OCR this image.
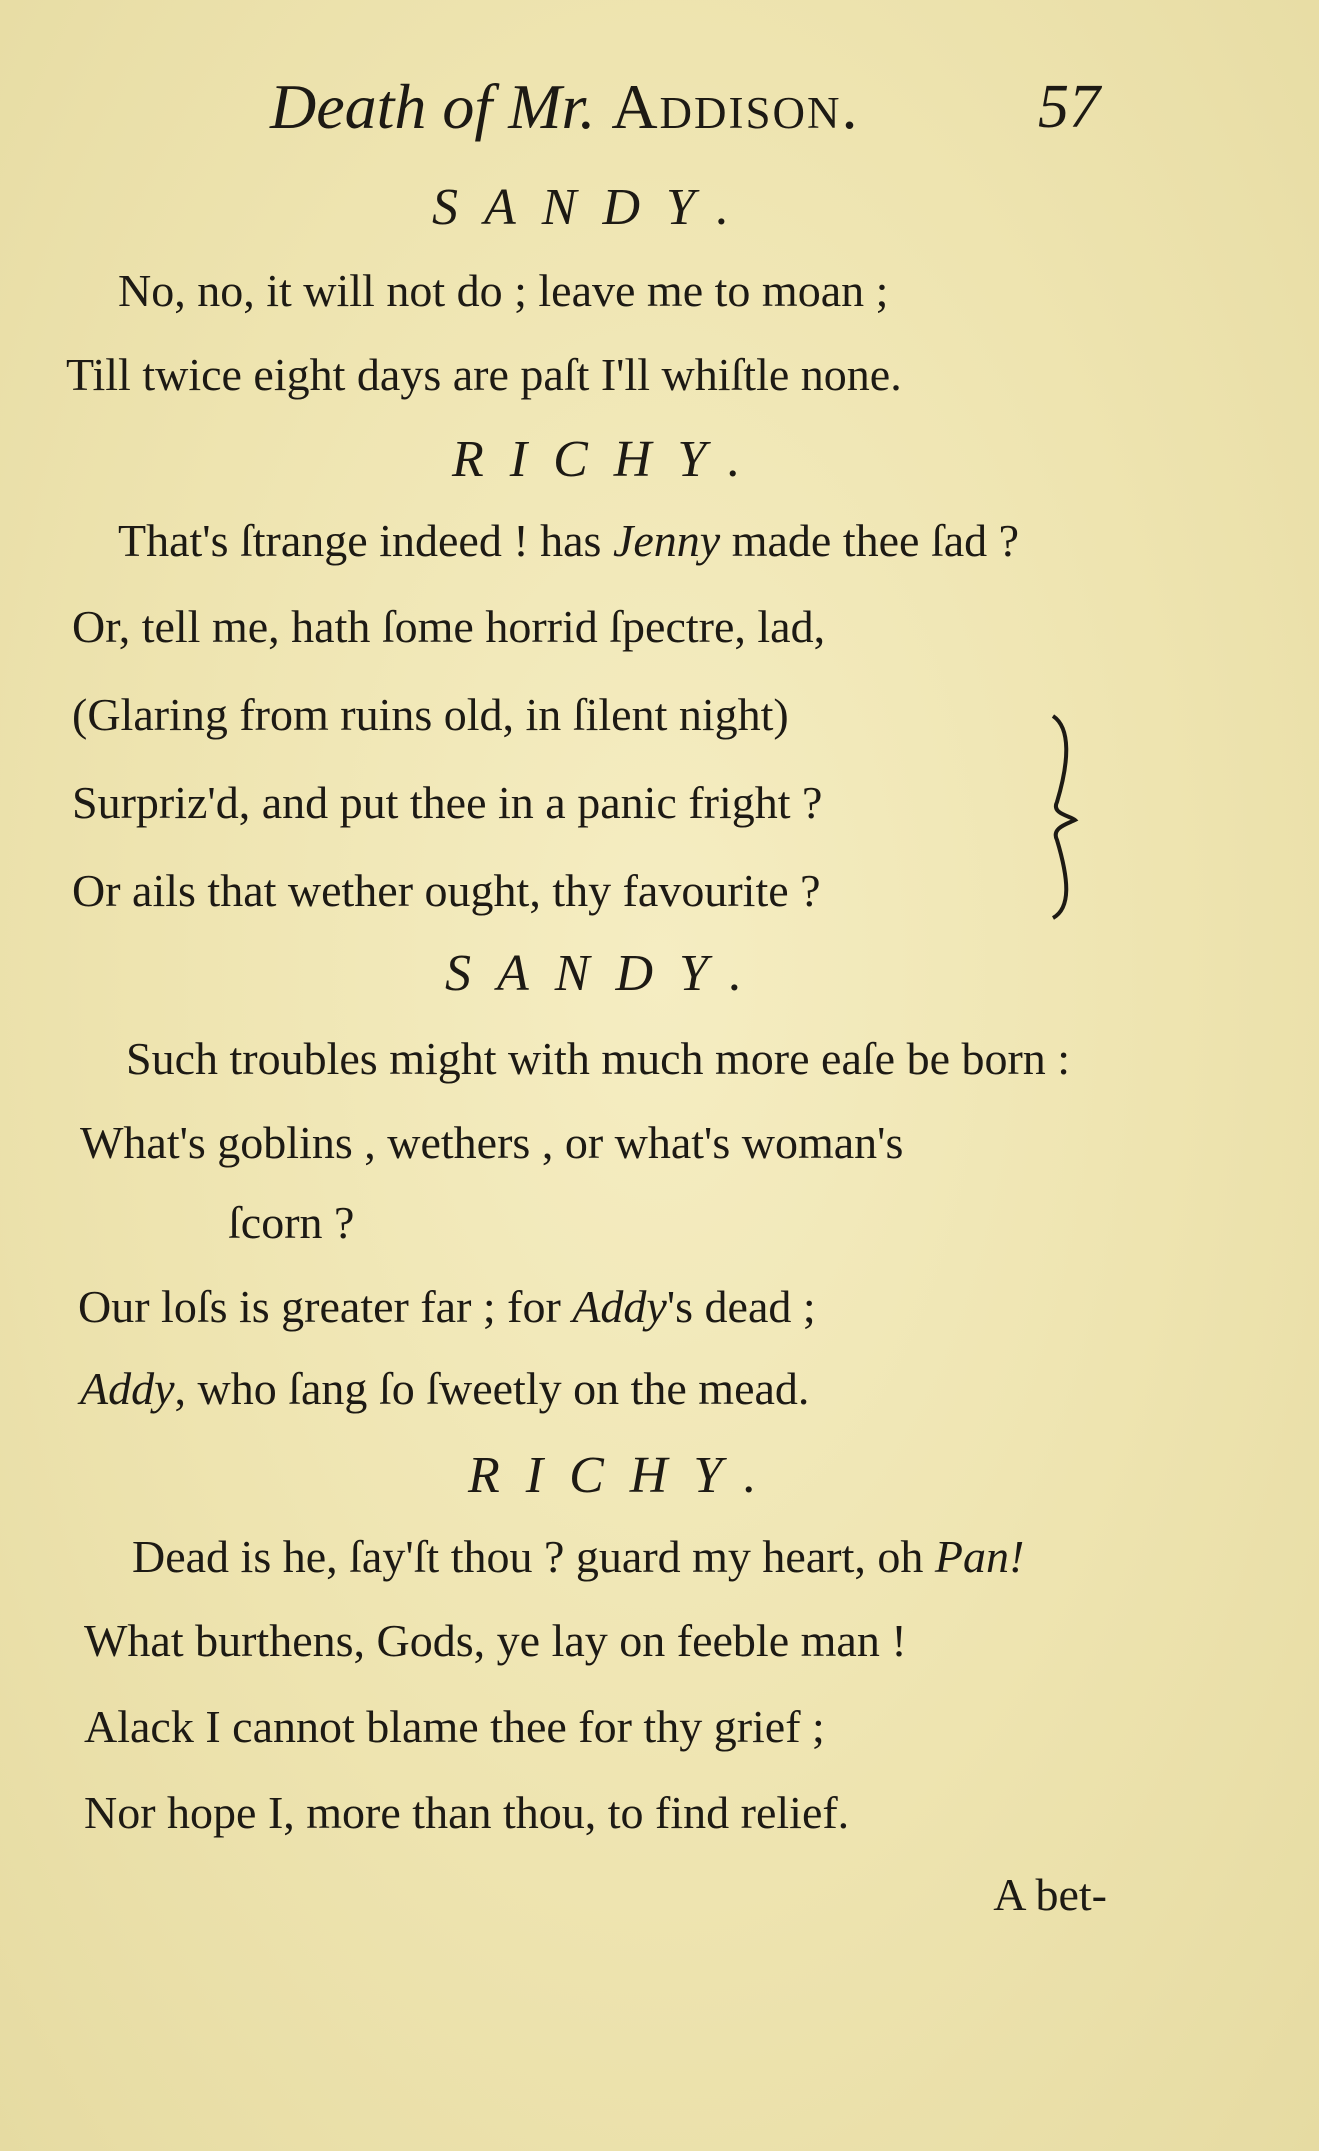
Death of Mr. Addison.	57
SANDY.
No, no, it will not do ; leave me to moan ;
Till twice eight days are paſt I'll whiſtle none.
RICHY.
That's ſtrange indeed ! has Jenny made thee ſad ?
Or, tell me, hath ſome horrid ſpectre, lad,
(Glaring from ruins old, in ſilent night)
Surpriz'd, and put thee in a panic fright ?
Or ails that wether ought, thy favourite ?
SANDY.
Such troubles might with much more eaſe be born :
What's goblins , wethers , or what's woman's
ſcorn ?
Our loſs is greater far ; for Addy's dead ;
Addy, who ſang ſo ſweetly on the mead.
RICHY.
Dead is he, ſay'ſt thou ? guard my heart, oh Pan!
What burthens, Gods, ye lay on feeble man !
Alack I cannot blame thee for thy grief ;
Nor hope I, more than thou, to find relief.
A bet-
